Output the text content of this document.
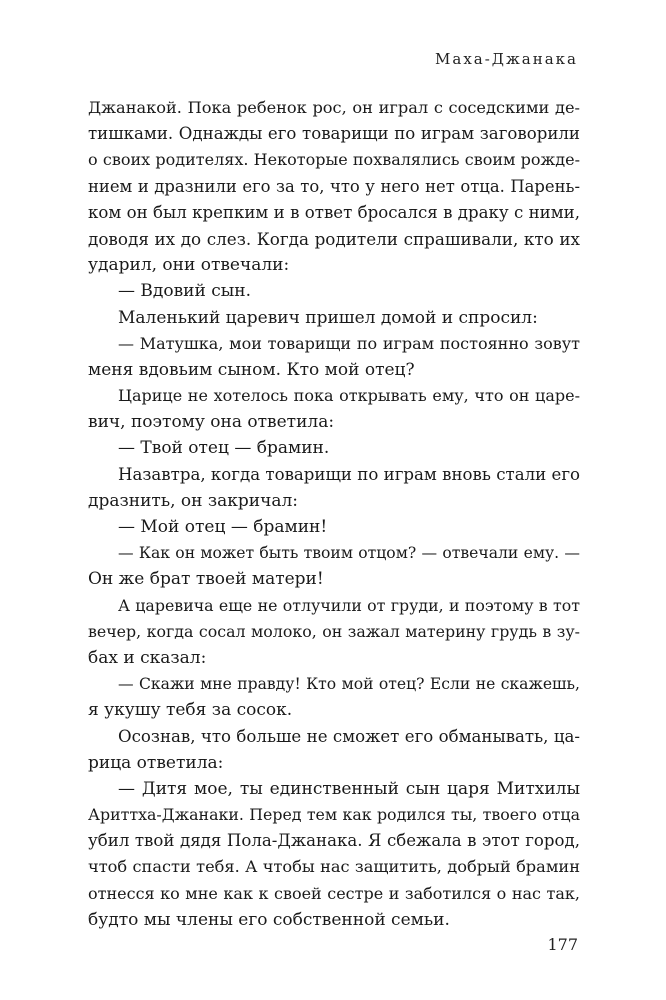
Маха-Джанака
Джанакой. Пока ребенок рос, он играл с соседскими де-
тишками. Однажды его товарищи по играм заговорили
о своих родителях. Некоторые похвалялись своим рожде-
нием и дразнили его за то, что у него нет отца. Парень-
ком он был крепким и в ответ бросался в драку с ними,
доводя их до слез. Когда родители спрашивали, кто их
ударил, они отвечали:
— Вдовий сын.
Маленький царевич пришел домой и спросил:
— Матушка, мои товарищи по играм постоянно зовут
меня вдовьим сыном. Кто мой отец?
Царице не хотелось пока открывать ему, что он царе-
вич, поэтому она ответила:
— Твой отец — брамин.
Назавтра, когда товарищи по играм вновь стали его
дразнить, он закричал:
— Мой отец — брамин!
— Как он может быть твоим отцом? — отвечали ему. —
Он же брат твоей матери!
А царевича еще не отлучили от груди, и поэтому в тот
вечер, когда сосал молоко, он зажал материну грудь в зу-
бах и сказал:
— Скажи мне правду! Кто мой отец? Если не скажешь,
я укушу тебя за сосок.
Осознав, что больше не сможет его обманывать, ца-
рица ответила:
— Дитя мое, ты единственный сын царя Митхилы
Ариттха-Джанаки. Перед тем как родился ты, твоего отца
убил твой дядя Пола-Джанака. Я сбежала в этот город,
чтоб спасти тебя. А чтобы нас защитить, добрый брамин
отнесся ко мне как к своей сестре и заботился о нас так,
будто мы члены его собственной семьи.
177
